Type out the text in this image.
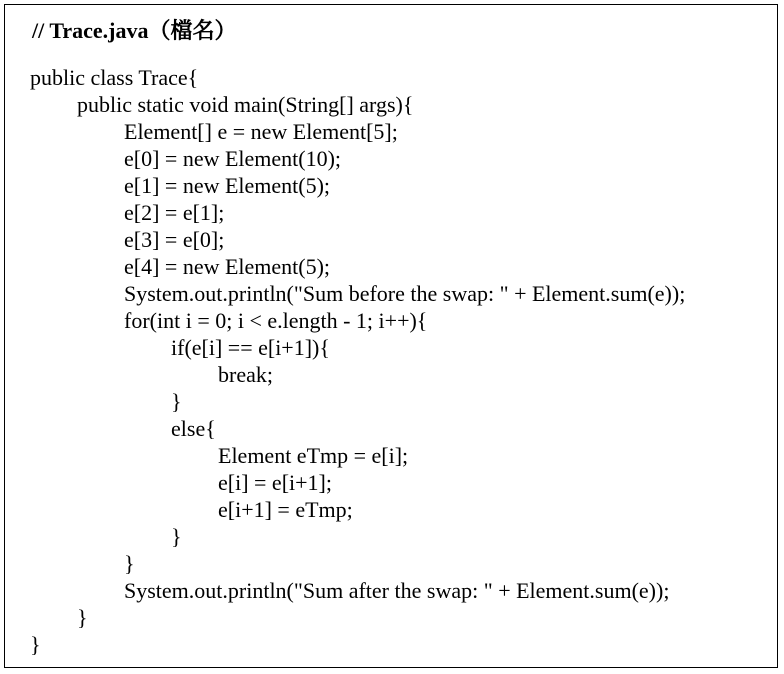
// Trace.java（檔名）
public class Trace{
public static void main(String[] args){
Element[] e = new Element[5];
e[0] = new Element(10);
e[1] = new Element(5);
e[2] = e[1];
e[3] = e[0];
e[4] = new Element(5);
System.out.println("Sum before the swap: " + Element.sum(e));
for(int i = 0; i < e.length - 1; i++){
if(e[i] == e[i+1]){
break;
}
else{
Element eTmp = e[i];
e[i] = e[i+1];
e[i+1] = eTmp;
}
}
System.out.println("Sum after the swap: " + Element.sum(e));
}
}
